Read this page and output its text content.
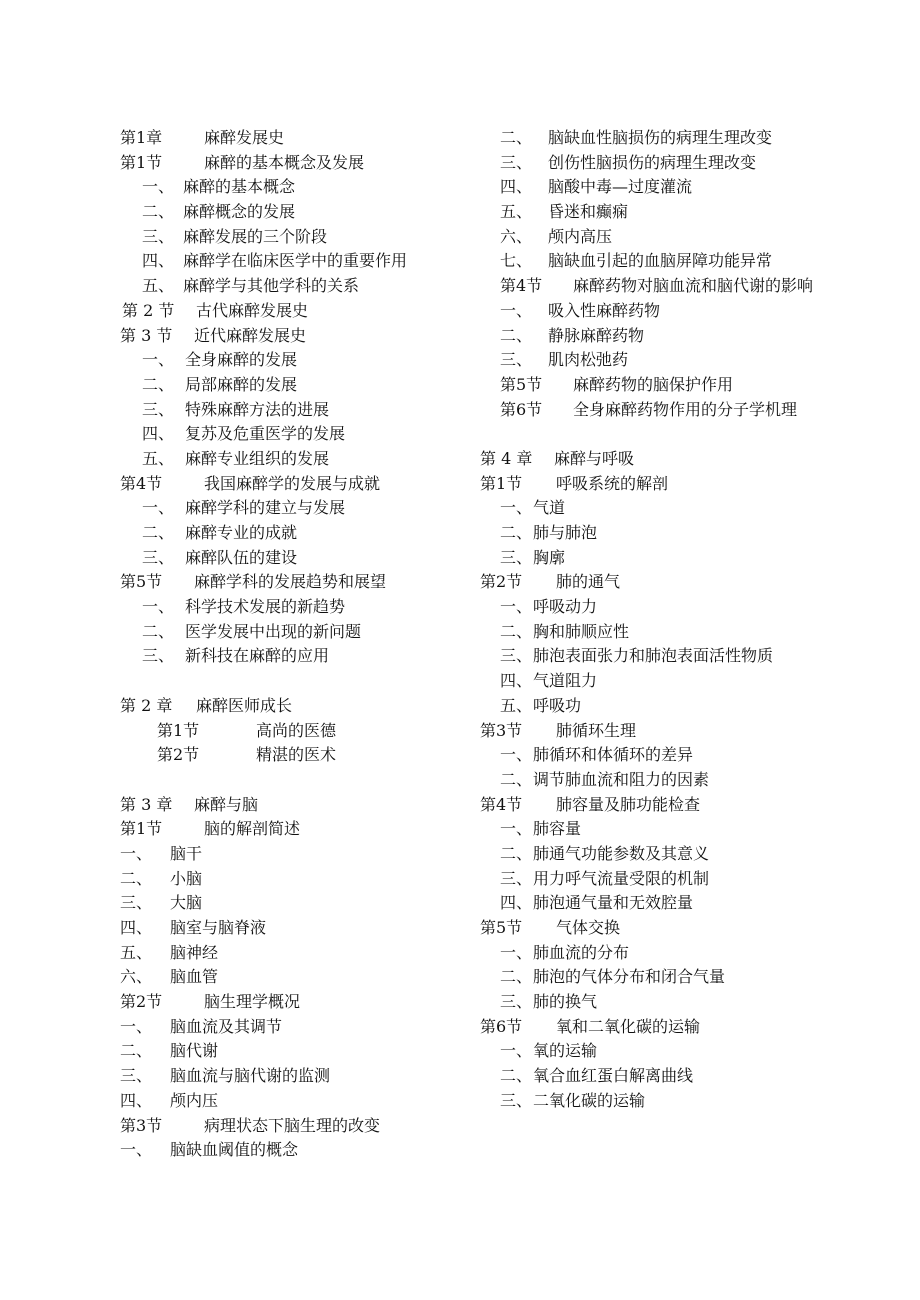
第1章	麻醉发展史
第1节	麻醉的基本概念及发展
一、 麻醉的基本概念
二、 麻醉概念的发展
三、 麻醉发展的三个阶段
四、 麻醉学在临床医学中的重要作用
五、 麻醉学与其他学科的关系
第 2 节 古代麻醉发展史
第 3 节 近代麻醉发展史
一、 全身麻醉的发展
二、 局部麻醉的发展
三、 特殊麻醉方法的进展
四、 复苏及危重医学的发展
五、 麻醉专业组织的发展
第4节	我国麻醉学的发展与成就
一、 麻醉学科的建立与发展
二、 麻醉专业的成就
三、 麻醉队伍的建设
第5节 麻醉学科的发展趋势和展望
一、 科学技术发展的新趋势
二、 医学发展中出现的新问题
三、 新科技在麻醉的应用
第 2 章 麻醉医师成长
第1节	高尚的医德
第2节	精湛的医术
第 3 章 麻醉与脑
第1节	脑的解剖简述
一、 脑干
二、 小脑
三、 大脑
四、 脑室与脑脊液
五、 脑神经
六、 脑血管
第2节	脑生理学概况
一、 脑血流及其调节
二、 脑代谢
三、 脑血流与脑代谢的监测
四、 颅内压
第3节	病理状态下脑生理的改变
一、 脑缺血阈值的概念
二、 脑缺血性脑损伤的病理生理改变
三、 创伤性脑损伤的病理生理改变
四、 脑酸中毒—过度灌流
五、 昏迷和癫痫
六、 颅内高压
七、 脑缺血引起的血脑屏障功能异常
第4节 麻醉药物对脑血流和脑代谢的影响
一、 吸入性麻醉药物
二、 静脉麻醉药物
三、 肌肉松弛药
第5节 麻醉药物的脑保护作用
第6节 全身麻醉药物作用的分子学机理
第 4 章 麻醉与呼吸
第1节 呼吸系统的解剖
一、 气道
二、 肺与肺泡
三、 胸廓
第2节 肺的通气
一、 呼吸动力
二、 胸和肺顺应性
三、 肺泡表面张力和肺泡表面活性物质
四、 气道阻力
五、 呼吸功
第3节 肺循环生理
一、 肺循环和体循环的差异
二、 调节肺血流和阻力的因素
第4节 肺容量及肺功能检查
一、 肺容量
二、 肺通气功能参数及其意义
三、 用力呼气流量受限的机制
四、 肺泡通气量和无效腔量
第5节 气体交换
一、 肺血流的分布
二、 肺泡的气体分布和闭合气量
三、 肺的换气
第6节 氧和二氧化碳的运输
一、 氧的运输
二、 氧合血红蛋白解离曲线
三、 二氧化碳的运输
